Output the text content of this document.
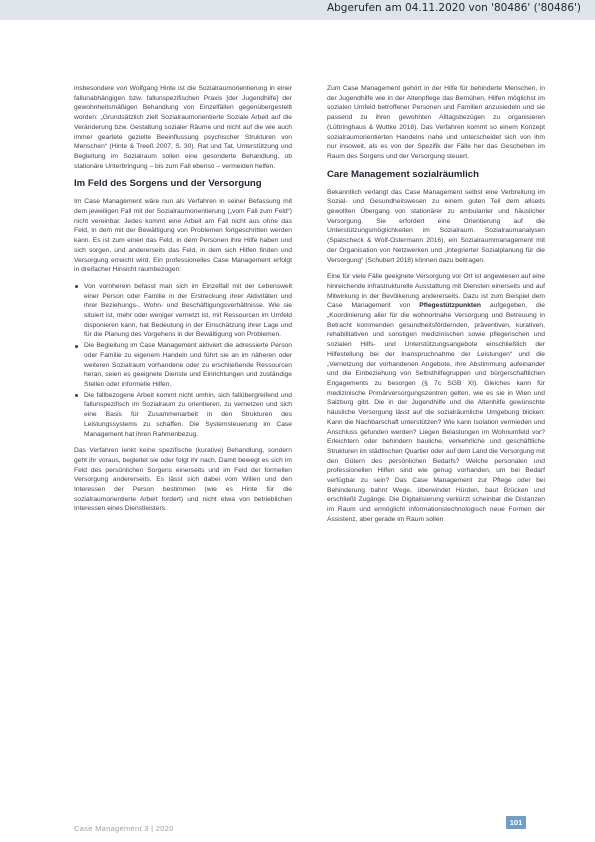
Abgerufen am 04.11.2020 von '80486' ('80486')

insbesondere von Wolfgang Hinte ist die Sozialraumorientierung in einer fallunabhängigen bzw. fallunspezifischen Praxis [der Jugendhilfe] der gewohnheitsmäßigen Behandlung von Einzelfällen gegenübergestellt worden: „Grundsätzlich zielt Sozialraumorientierte Soziale Arbeit auf die Veränderung bzw. Gestaltung sozialer Räume und nicht auf die wie auch immer geartete gezielte Beeinflussung psychischer Strukturen von Menschen“ (Hinte & Treeß 2007, S. 30). Rat und Tat, Unterstützung und Begleitung im Sozialraum sollen eine gesonderte Behandlung, ob stationäre Unterbringung – bis zum Fall ebenso – vermeiden helfen.

Im Feld des Sorgens und der Versorgung

Im Case Management wäre nun als Verfahren in seiner Befassung mit dem jeweiligen Fall mit der Sozialraumorientierung („vom Fall zum Feld“) nicht vereinbar. Jedes kommt eine Arbeit am Fall nicht aus ohne das Feld, in dem mit der Bewältigung von Problemen fortgeschritten werden kann. Es ist zum einen das Feld, in dem Personen ihre Hilfe haben und sich sorgen, und andererseits das Feld, in dem sich Hilfen finden und Versorgung erreicht wird. Ein professionelles Case Management erfolgt in dreifacher Hinsicht raumbezogen:

Von vornherein befasst man sich im Einzelfall mit der Lebenswelt einer Person oder Familie in der Erstreckung ihrer Aktivitäten und ihrer Beziehungs-, Wohn- und Beschäftigungsverhältnisse. Wie sie situiert ist, mehr oder weniger vernetzt ist, mit Ressourcen im Umfeld disponieren kann, hat Bedeutung in der Einschätzung ihrer Lage und für die Planung des Vorgehens in der Bewältigung von Problemen.
Die Begleitung im Case Management aktiviert die adressierte Person oder Familie zu eigenem Handeln und führt sie an im näheren oder weiteren Sozialraum vorhandene oder zu erschließende Ressourcen heran, seien es geeignete Dienste und Einrichtungen und zuständige Stellen oder informelle Hilfen.
Die fallbezogene Arbeit kommt nicht umhin, sich fallübergreifend und fallunspezifisch im Sozialraum zu orientieren, zu vernetzen und sich eine Basis für Zusammenarbeit in den Strukturen des Leistungssystems zu schaffen. Die Systemsteuerung im Case Management hat ihren Rahmenbezug.

Das Verfahren lenkt keine spezifische (kurative) Behandlung, sondern geht ihr voraus, begleitet sie oder folgt ihr nach. Damit bewegt es sich im Feld des persönlichen Sorgens einerseits und im Feld der formellen Versorgung andererseits. Es lässt sich dabei vom Willen und den Interessen der Person bestimmen (wie es Hinte für die sozialraumorientierte Arbeit fordert) und nicht etwa von betrieblichen Interessen eines Dienstleisters.

Zum Case Management gehört in der Hilfe für behinderte Menschen, in der Jugendhilfe wie in der Altenpflege das Bemühen, Hilfen möglichst im sozialen Umfeld betroffener Personen und Familien anzusiedeln und sie passend zu ihren gewohnten Alltagsbezügen zu organisieren (Lüttringhaus & Wuttke 2018). Das Verfahren kommt so einem Konzept sozialraumorientierten Handelns nahe und unterscheidet sich von ihm nur insoweit, als es von der Spezifik der Fälle her das Geschehen im Raum des Sorgens und der Versorgung steuert.

Care Management sozialräumlich

Bekanntlich verlangt das Case Management selbst eine Verbreitung im Sozial- und Gesundheitswesen zu einem guten Teil dem allseits gewollten Übergang von stationärer zu ambulanter und häuslicher Versorgung. Sie erfordert eine Orientierung auf die Unterstützungsmöglichkeiten im Sozialraum. Sozialraumanalysen (Spatscheck & Wolf-Ostermann 2016), ein Sozialraummanagement mit der Organisation von Netzwerken und „integrierter Sozialplanung für die Versorgung“ (Schubert 2018) können dazu beitragen.

Eine für viele Fälle geeignete Versorgung vor Ort ist angewiesen auf eine hinreichende infrastrukturelle Ausstattung mit Diensten einerseits und auf Mitwirkung in der Bevölkerung andererseits. Dazu ist zum Beispiel dem Case Management von Pflegestützpunkten aufgegeben, die „Koordinierung aller für die wohnortnahe Versorgung und Betreuung in Betracht kommenden gesundheitsfördernden, präventiven, kurativen, rehabilitativen und sonstigen medizinischen sowie pflegerischen und sozialen Hilfs- und Unterstützungsangebote einschließlich der Hilfestellung bei der Inanspruchnahme der Leistungen“ und die „Vernetzung der vorhandenen Angebote, ihre Abstimmung aufeinander und die Einbeziehung von Selbsthilfegruppen und bürgerschaftlichen Engagements zu besorgen (§ 7c SGB XI). Gleiches kann für medizinische Primärversorgungszentren gelten, wie es sie in Wien und Salzburg gibt. Die in der Jugendhilfe und die Altenhilfe gewünschte häusliche Versorgung lässt auf die sozialräumliche Umgebung blicken: Kann die Nachbarschaft unterstützen? Wie kann Isolation vermieden und Anschluss gefunden werden? Liegen Belastungen im Wohnumfeld vor? Erleichtern oder behindern bauliche, verkehrliche und geschäftliche Strukturen im städtischen Quartier oder auf dem Land die Versorgung mit den Gütern des persönlichen Bedarfs? Welche personalen und professionellen Hilfen sind wie genug vorhanden, um bei Bedarf verfügbar zu sein? Das Case Management zur Pflege oder bei Behinderung bahnt Wege, überwindet Hürden, baut Brücken und erschließt Zugänge. Die Digitalisierung verkürzt scheinbar die Distanzen im Raum und ermöglicht informationstechnologisch neue Formen der Assistenz, aber gerade im Raum sollen

Case Management 3 | 2020
101
